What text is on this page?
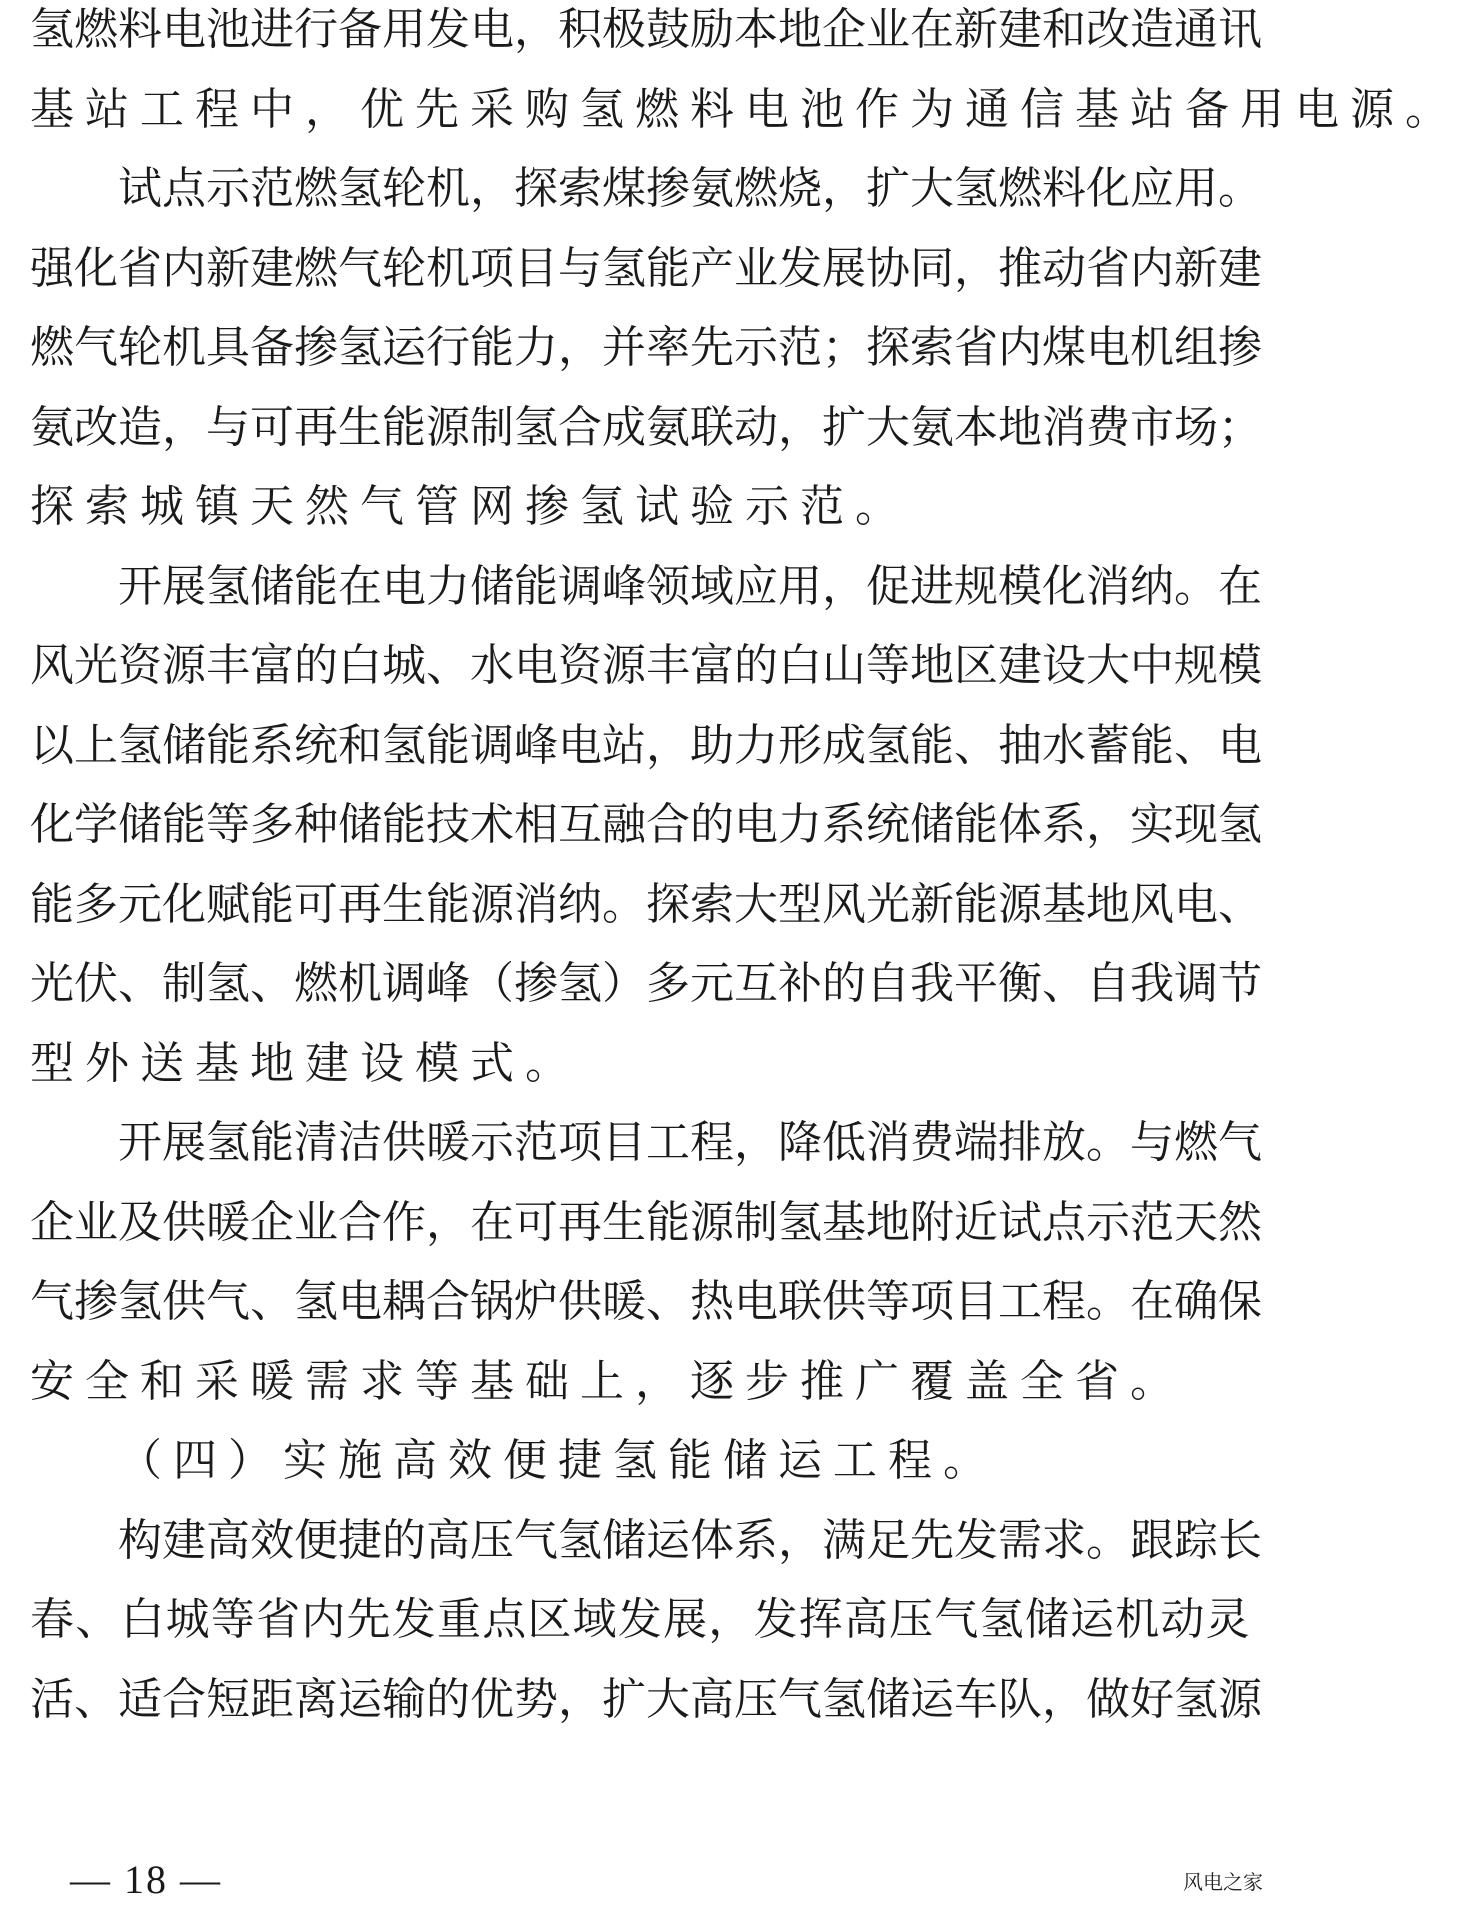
氢 燃 料 电 池 进 行 备 用 发 电 ， 积 极 鼓 励 本 地 企 业 在 新 建 和 改 造 通 讯
基站工程中，优先采购氢燃料电池作为通信基站备用电源。
试 点 示 范 燃 氢 轮 机 ， 探 索 煤 掺 氨 燃 烧 ， 扩 大 氢 燃 料 化 应 用 。
强 化 省 内 新 建 燃 气 轮 机 项 目 与 氢 能 产 业 发 展 协 同 ， 推 动 省 内 新 建
燃 气 轮 机 具 备 掺 氢 运 行 能 力 ， 并 率 先 示 范 ； 探 索 省 内 煤 电 机 组 掺
氨 改 造 ， 与 可 再 生 能 源 制 氢 合 成 氨 联 动 ， 扩 大 氨 本 地 消 费 市 场 ；
探索城镇天然气管网掺氢试验示范。
开 展 氢 储 能 在 电 力 储 能 调 峰 领 域 应 用 ， 促 进 规 模 化 消 纳 。 在
风 光 资 源 丰 富 的 白 城 、 水 电 资 源 丰 富 的 白 山 等 地 区 建 设 大 中 规 模
以 上 氢 储 能 系 统 和 氢 能 调 峰 电 站 ， 助 力 形 成 氢 能 、 抽 水 蓄 能 、 电
化 学 储 能 等 多 种 储 能 技 术 相 互 融 合 的 电 力 系 统 储 能 体 系 ， 实 现 氢
能 多 元 化 赋 能 可 再 生 能 源 消 纳 。 探 索 大 型 风 光 新 能 源 基 地 风 电 、
光 伏 、 制 氢 、 燃 机 调 峰 （ 掺 氢 ） 多 元 互 补 的 自 我 平 衡 、 自 我 调 节
型外送基地建设模式。
开 展 氢 能 清 洁 供 暖 示 范 项 目 工 程 ， 降 低 消 费 端 排 放 。 与 燃 气
企 业 及 供 暖 企 业 合 作 ， 在 可 再 生 能 源 制 氢 基 地 附 近 试 点 示 范 天 然
气 掺 氢 供 气 、 氢 电 耦 合 锅 炉 供 暖 、 热 电 联 供 等 项 目 工 程 。 在 确 保
安全和采暖需求等基础上，逐步推广覆盖全省。
（四）实施高效便捷氢能储运工程。
构 建 高 效 便 捷 的 高 压 气 氢 储 运 体 系 ， 满 足 先 发 需 求 。 跟 踪 长
春 、 白 城 等 省 内 先 发 重 点 区 域 发 展 ， 发 挥 高 压 气 氢 储 运 机 动 灵
活 、 适 合 短 距 离 运 输 的 优 势 ， 扩 大 高 压 气 氢 储 运 车 队 ， 做 好 氢 源
— 18 —	风电之家
